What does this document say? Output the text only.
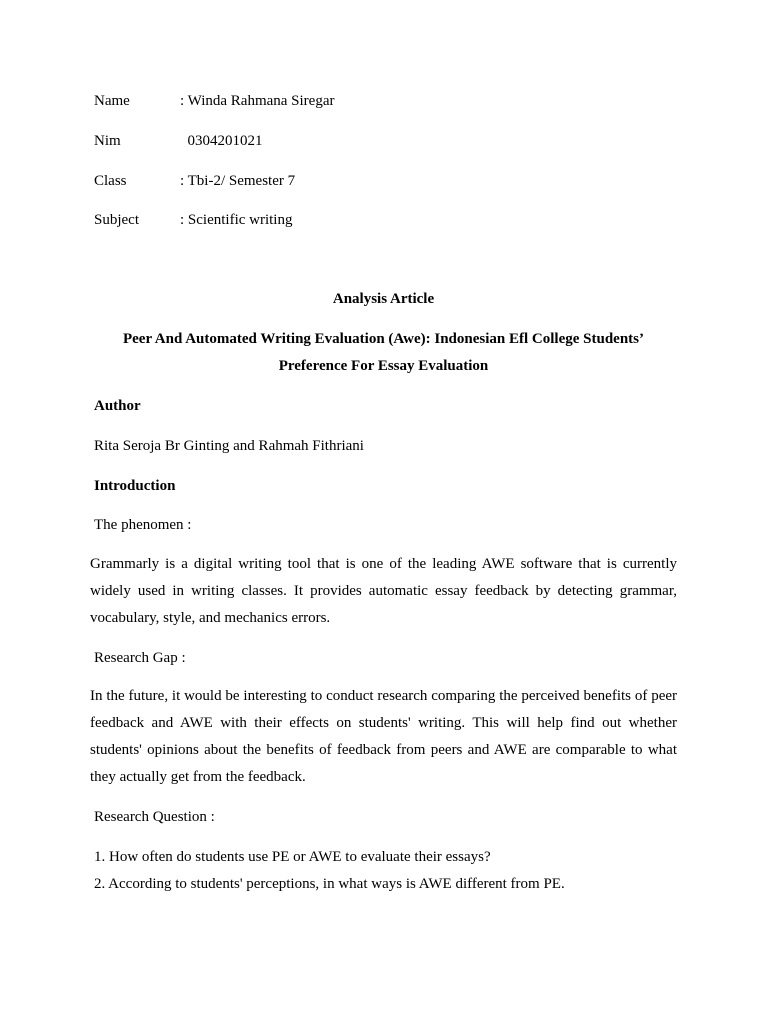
Name	: Winda Rahmana Siregar
Nim	0304201021
Class	: Tbi-2/ Semester 7
Subject	: Scientific writing
Analysis Article
Peer And Automated Writing Evaluation (Awe): Indonesian Efl College Students’
Preference For Essay Evaluation
Author
Rita Seroja Br Ginting and Rahmah Fithriani
Introduction
The phenomen :
Grammarly is a digital writing tool that is one of the leading AWE software that is currently widely used in writing classes. It provides automatic essay feedback by detecting grammar, vocabulary, style, and mechanics errors.
Research Gap :
In the future, it would be interesting to conduct research comparing the perceived benefits of peer feedback and AWE with their effects on students' writing. This will help find out whether students' opinions about the benefits of feedback from peers and AWE are comparable to what they actually get from the feedback.
Research Question :
1. How often do students use PE or AWE to evaluate their essays?
2. According to students' perceptions, in what ways is AWE different from PE.
